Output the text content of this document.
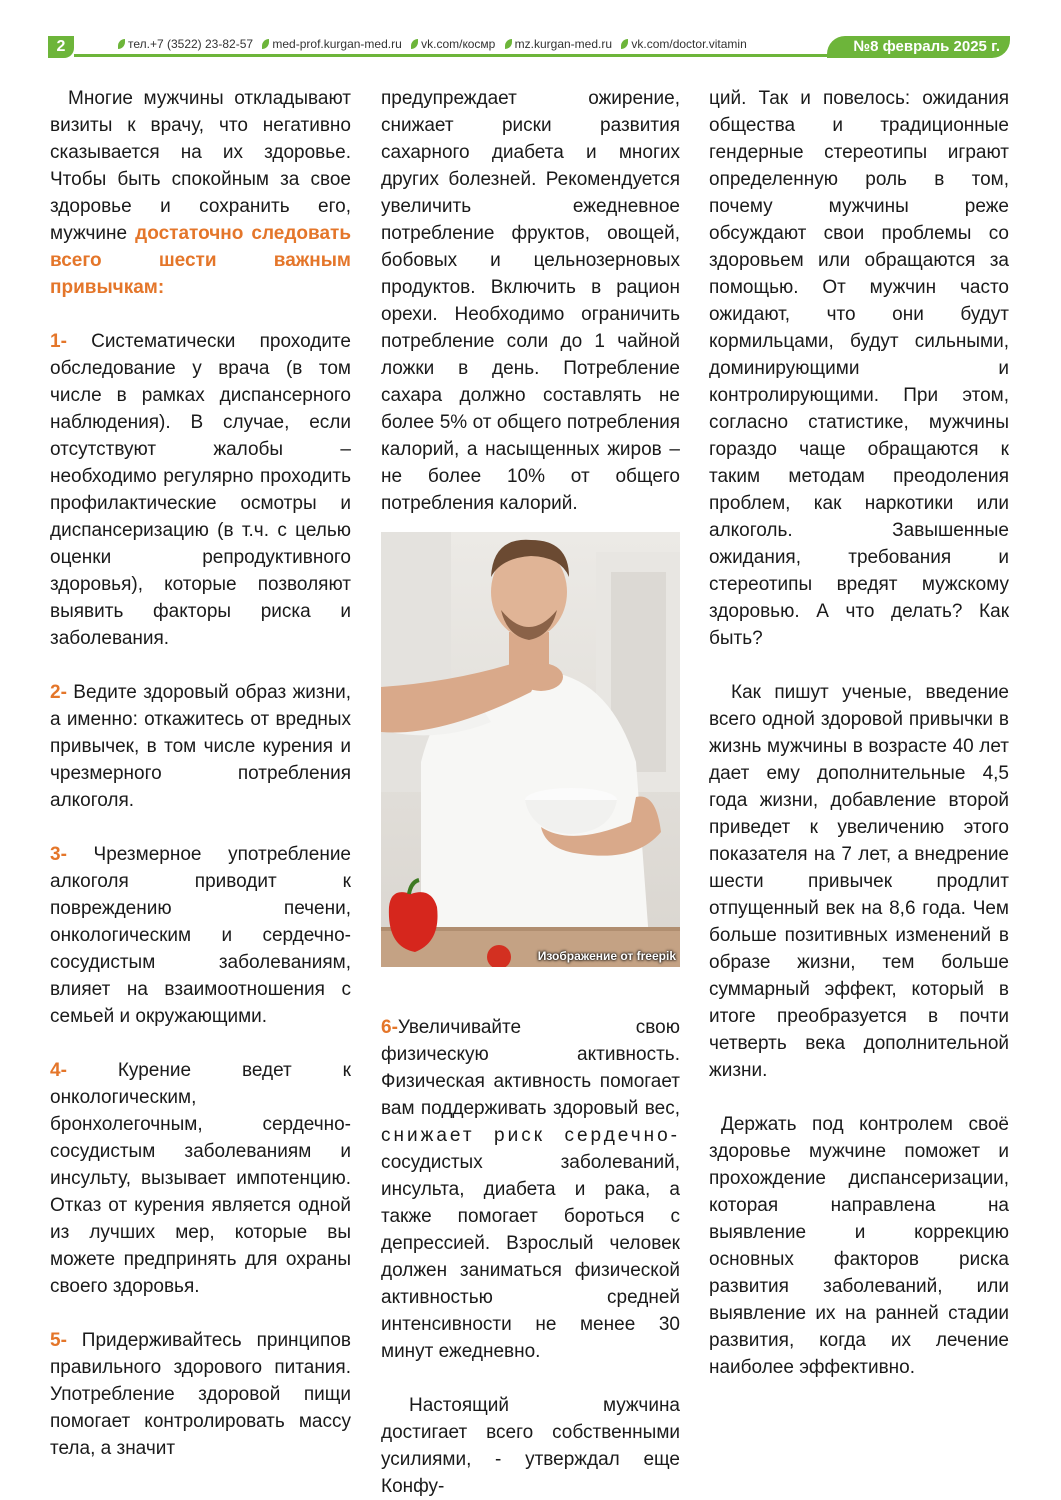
2	тел.+7 (3522) 23-82-57 med-prof.kurgan-med.ru vk.com/кocмp mz.kurgan-med.ru vk.com/doctor.vitamin	№8 февраль 2025 г.

Многие мужчины откладывают визиты к врачу, что негативно сказывается на их здоровье. Чтобы быть спокойным за свое здоровье и сохранить его, мужчине достаточно следовать всего шести важным привычкам:

1- Систематически проходите обследование у врача (в том числе в рамках диспансерного наблюдения). В случае, если отсутствуют жалобы – необходимо регулярно проходить профилактические осмотры и диспансеризацию (в т.ч. с целью оценки репродуктивного здоровья), которые позволяют выявить факторы риска и заболевания.

2- Ведите здоровый образ жизни, а именно: откажитесь от вредных привычек, в том числе курения и чрезмерного потребления алкоголя.

3- Чрезмерное употребление алкоголя приводит к повреждению печени, онкологическим и сердечно-сосудистым заболеваниям, влияет на взаимоотношения с семьей и окружающими.

4- Курение ведет к онкологическим, бронхолегочным, сердечно-сосудистым заболеваниям и инсульту, вызывает импотенцию. Отказ от курения является одной из лучших мер, которые вы можете предпринять для охраны своего здоровья.

5- Придерживайтесь принципов правильного здорового питания. Употребление здоровой пищи помогает контролировать массу тела, а значит

предупреждает ожирение, снижает риски развития сахарного диабета и многих других болезней. Рекомендуется увеличить ежедневное потребление фруктов, овощей, бобовых и цельнозерновых продуктов. Включить в рацион орехи. Необходимо ограничить потребление соли до 1 чайной ложки в день. Потребление сахара должно составлять не более 5% от общего потребления калорий, а насыщенных жиров – не более 10% от общего потребления калорий.

Изображение от freepik

6-Увеличивайте свою физическую активность. Физическая активность помогает вам поддерживать здоровый вес, снижает риск сердечно- сосудистых заболеваний, инсульта, диабета и рака, а также помогает бороться с депрессией. Взрослый человек должен заниматься физической активностью средней интенсивности не менее 30 минут ежедневно.

Настоящий мужчина достигает всего собственными усилиями, - утверждал еще Конфу-

ций. Так и повелось: ожидания общества и традиционные гендерные стереотипы играют определенную роль в том, почему мужчины реже обсуждают свои проблемы со здоровьем или обращаются за помощью. От мужчин часто ожидают, что они будут кормильцами, будут сильными, доминирующими и контролирующими. При этом, согласно статистике, мужчины гораздо чаще обращаются к таким методам преодоления проблем, как наркотики или алкоголь. Завышенные ожидания, требования и стереотипы вредят мужскому здоровью. А что делать? Как быть?

Как пишут ученые, введение всего одной здоровой привычки в жизнь мужчины в возрасте 40 лет дает ему дополнительные 4,5 года жизни, добавление второй приведет к увеличению этого показателя на 7 лет, а внедрение шести привычек продлит отпущенный век на 8,6 года. Чем больше позитивных изменений в образе жизни, тем больше суммарный эффект, который в итоге преобразуется в почти четверть века дополнительной жизни.

Держать под контролем своё здоровье мужчине поможет и прохождение диспансеризации, которая направлена на выявление и коррекцию основных факторов риска развития заболеваний, или выявление их на ранней стадии развития, когда их лечение наиболее эффективно.
